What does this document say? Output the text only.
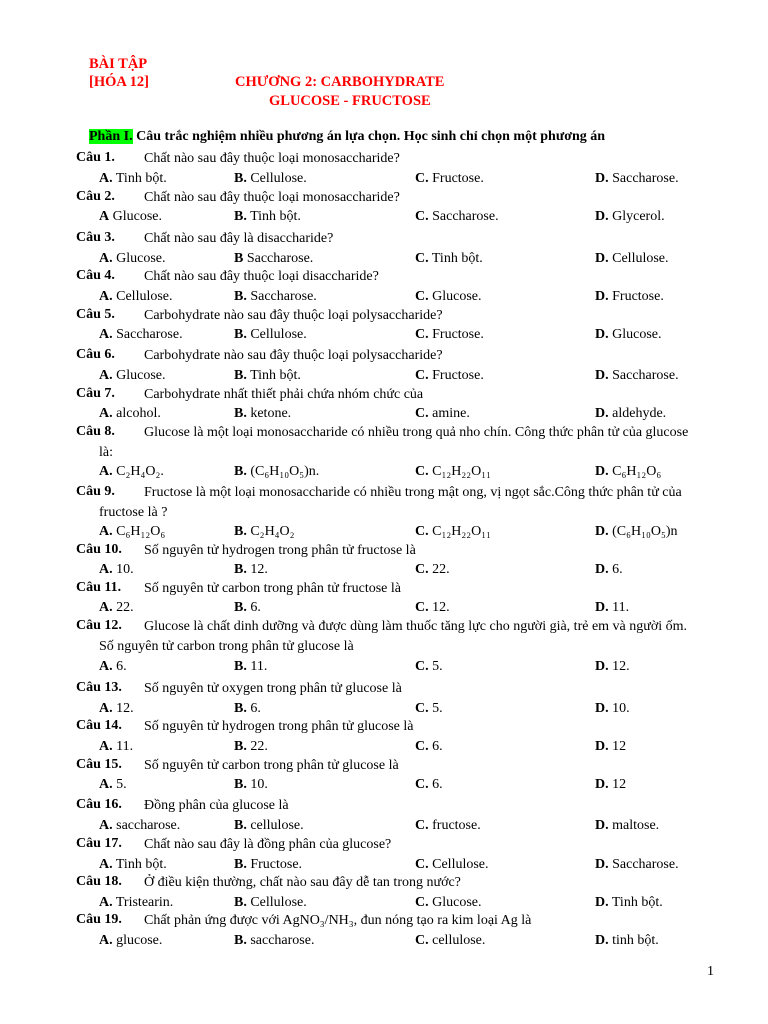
BÀI TẬP
[HÓA 12]	CHƯƠNG 2: CARBOHYDRATE
GLUCOSE - FRUCTOSE
Phần I. Câu trắc nghiệm nhiều phương án lựa chọn. Học sinh chỉ chọn một phương án
Câu 1. Chất nào sau đây thuộc loại monosaccharide?
A. Tinh bột.	B. Cellulose.	C. Fructose.	D. Saccharose.
Câu 2. Chất nào sau đây thuộc loại monosaccharide?
A Glucose.	B. Tinh bột.	C. Saccharose.	D. Glycerol.
Câu 3. Chất nào sau đây là disaccharide?
A. Glucose.	B Saccharose.	C. Tinh bột.	D. Cellulose.
Câu 4. Chất nào sau đây thuộc loại disaccharide?
A. Cellulose.	B. Saccharose.	C. Glucose.	D. Fructose.
Câu 5. Carbohydrate nào sau đây thuộc loại polysaccharide?
A. Saccharose.	B. Cellulose.	C. Fructose.	D. Glucose.
Câu 6. Carbohydrate nào sau đây thuộc loại polysaccharide?
A. Glucose.	B. Tinh bột.	C. Fructose.	D. Saccharose.
Câu 7. Carbohydrate nhất thiết phải chứa nhóm chức của
A. alcohol.	B. ketone.	C. amine.	D. aldehyde.
Câu 8.	Glucose là một loại monosaccharide có nhiều trong quả nho chín. Công thức phân tử của glucose là:
A. C₂H₄O₂.	B. (C₆H₁₀O₅)n.	C. C₁₂H₂₂O₁₁	D. C₆H₁₂O₆
Câu 9.	Fructose là một loại monosaccharide có nhiều trong mật ong, vị ngọt sắc.Công thức phân tử của fructose là ?
A. C₆H₁₂O₆	B. C₂H₄O₂	C. C₁₂H₂₂O₁₁	D. (C₆H₁₀O₅)n
Câu 10. Số nguyên tử hydrogen trong phân tử fructose là
A. 10.	B. 12.	C. 22.	D. 6.
Câu 11. Số nguyên tử carbon trong phân tử fructose là
A. 22.	B. 6.	C. 12.	D. 11.
Câu 12.	Glucose là chất dinh dưỡng và được dùng làm thuốc tăng lực cho người già, trẻ em và người ốm. Số nguyên tử carbon trong phân tử glucose là
A. 6.	B. 11.	C. 5.	D. 12.
Câu 13. Số nguyên tử oxygen trong phân tử glucose là
A. 12.	B. 6.	C. 5.	D. 10.
Câu 14. Số nguyên tử hydrogen trong phân tử glucose là
A. 11.	B. 22.	C. 6.	D. 12
Câu 15. Số nguyên tử carbon trong phân tử glucose là
A. 5.	B. 10.	C. 6.	D. 12
Câu 16. Đồng phân của glucose là
A. saccharose.	B. cellulose.	C. fructose.	D. maltose.
Câu 17. Chất nào sau đây là đồng phân của glucose?
A. Tinh bột.	B. Fructose.	C. Cellulose.	D. Saccharose.
Câu 18. Ở điều kiện thường, chất nào sau đây dễ tan trong nước?
A. Tristearin.	B. Cellulose.	C. Glucose.	D. Tinh bột.
Câu 19. Chất phản ứng được với AgNO₃/NH₃, đun nóng tạo ra kim loại Ag là
A. glucose.	B. saccharose.	C. cellulose.	D. tinh bột.
1
